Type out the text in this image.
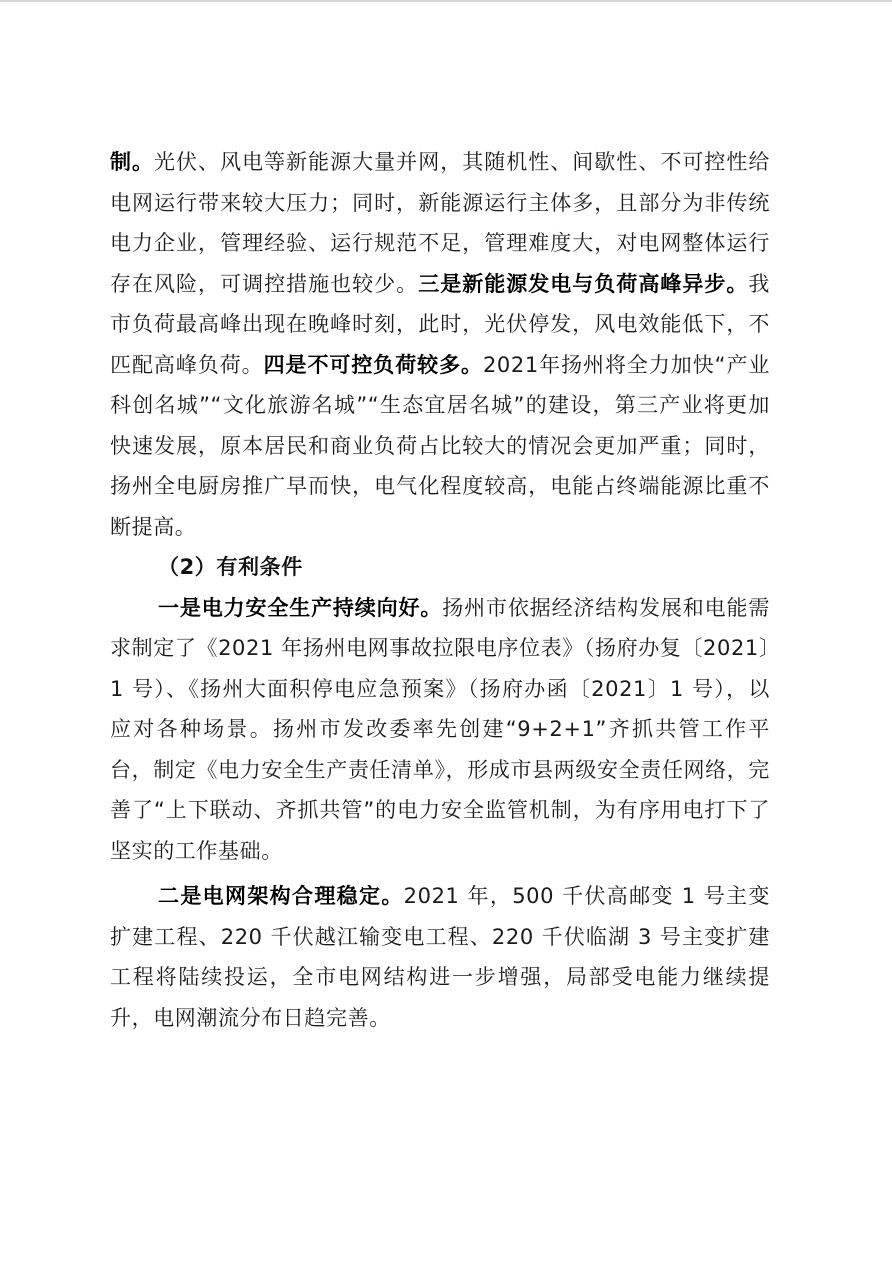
制。光伏、风电等新能源大量并网，其随机性、间歇性、不可控性给电网运行带来较大压力；同时，新能源运行主体多，且部分为非传统电力企业，管理经验、运行规范不足，管理难度大，对电网整体运行存在风险，可调控措施也较少。三是新能源发电与负荷高峰异步。我市负荷最高峰出现在晚峰时刻，此时，光伏停发，风电效能低下，不匹配高峰负荷。四是不可控负荷较多。2021年扬州将全力加快“产业科创名城”“文化旅游名城”“生态宜居名城”的建设，第三产业将更加快速发展，原本居民和商业负荷占比较大的情况会更加严重；同时，扬州全电厨房推广早而快，电气化程度较高，电能占终端能源比重不断提高。

（2）有利条件

一是电力安全生产持续向好。扬州市依据经济结构发展和电能需求制定了《2021 年扬州电网事故拉限电序位表》（扬府办复〔2021〕1 号）、《扬州大面积停电应急预案》（扬府办函〔2021〕1 号），以应对各种场景。扬州市发改委率先创建“9+2+1”齐抓共管工作平台，制定《电力安全生产责任清单》，形成市县两级安全责任网络，完善了“上下联动、齐抓共管”的电力安全监管机制，为有序用电打下了坚实的工作基础。

二是电网架构合理稳定。2021 年，500 千伏高邮变 1 号主变扩建工程、220 千伏越江输变电工程、220 千伏临湖 3 号主变扩建工程将陆续投运，全市电网结构进一步增强，局部受电能力继续提升，电网潮流分布日趋完善。
